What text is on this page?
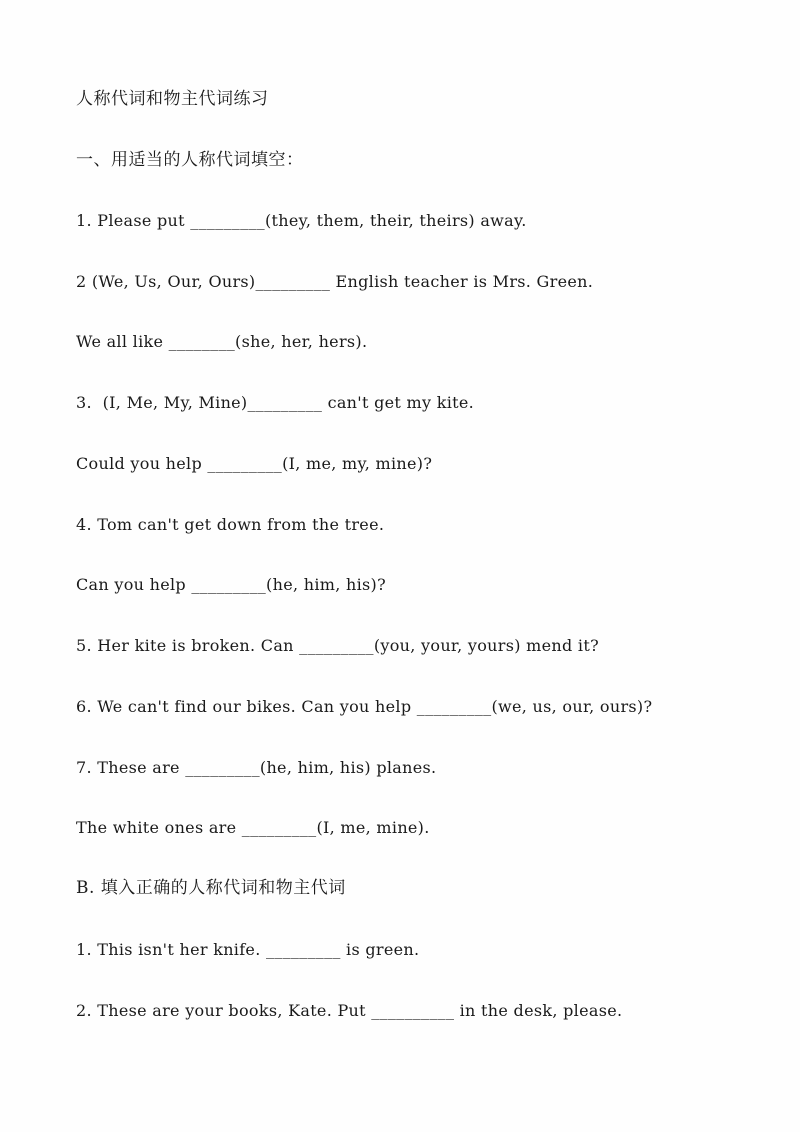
人称代词和物主代词练习
一、用适当的人称代词填空：
1. Please put _________(they, them, their, theirs) away.
2 (We, Us, Our, Ours)_________ English teacher is Mrs. Green.
We all like ________(she, her, hers).
3.  (I, Me, My, Mine)_________ can't get my kite.
Could you help _________(I, me, my, mine)?
4. Tom can't get down from the tree.
Can you help _________(he, him, his)?
5. Her kite is broken. Can _________(you, your, yours) mend it?
6. We can't find our bikes. Can you help _________(we, us, our, ours)?
7. These are _________(he, him, his) planes.
The white ones are _________(I, me, mine).
B. 填入正确的人称代词和物主代词
1. This isn't her knife. _________ is green.
2. These are your books, Kate. Put __________ in the desk, please.
